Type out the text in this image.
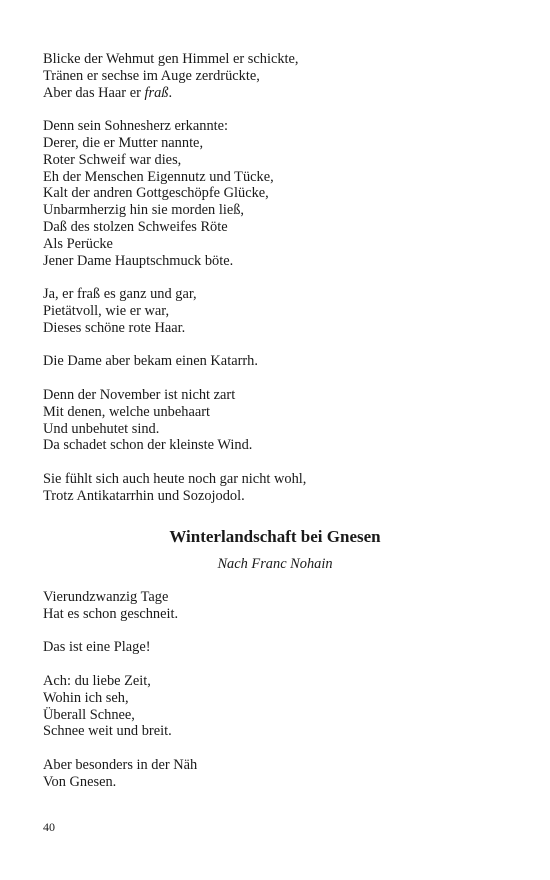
Blicke der Wehmut gen Himmel er schickte,
Tränen er sechse im Auge zerdrückte,
Aber das Haar er fraß.
Denn sein Sohnesherz erkannte:
Derer, die er Mutter nannte,
Roter Schweif war dies,
Eh der Menschen Eigennutz und Tücke,
Kalt der andren Gottgeschöpfe Glücke,
Unbarmherzig hin sie morden ließ,
Daß des stolzen Schweifes Röte
Als Perücke
Jener Dame Hauptschmuck böte.
Ja, er fraß es ganz und gar,
Pietätvoll, wie er war,
Dieses schöne rote Haar.
Die Dame aber bekam einen Katarrh.
Denn der November ist nicht zart
Mit denen, welche unbehaart
Und unbehutet sind.
Da schadet schon der kleinste Wind.
Sie fühlt sich auch heute noch gar nicht wohl,
Trotz Antikatarrhin und Sozojodol.
Winterlandschaft bei Gnesen
Nach Franc Nohain
Vierundzwanzig Tage
Hat es schon geschneit.
Das ist eine Plage!
Ach: du liebe Zeit,
Wohin ich seh,
Überall Schnee,
Schnee weit und breit.
Aber besonders in der Näh
Von Gnesen.
40
